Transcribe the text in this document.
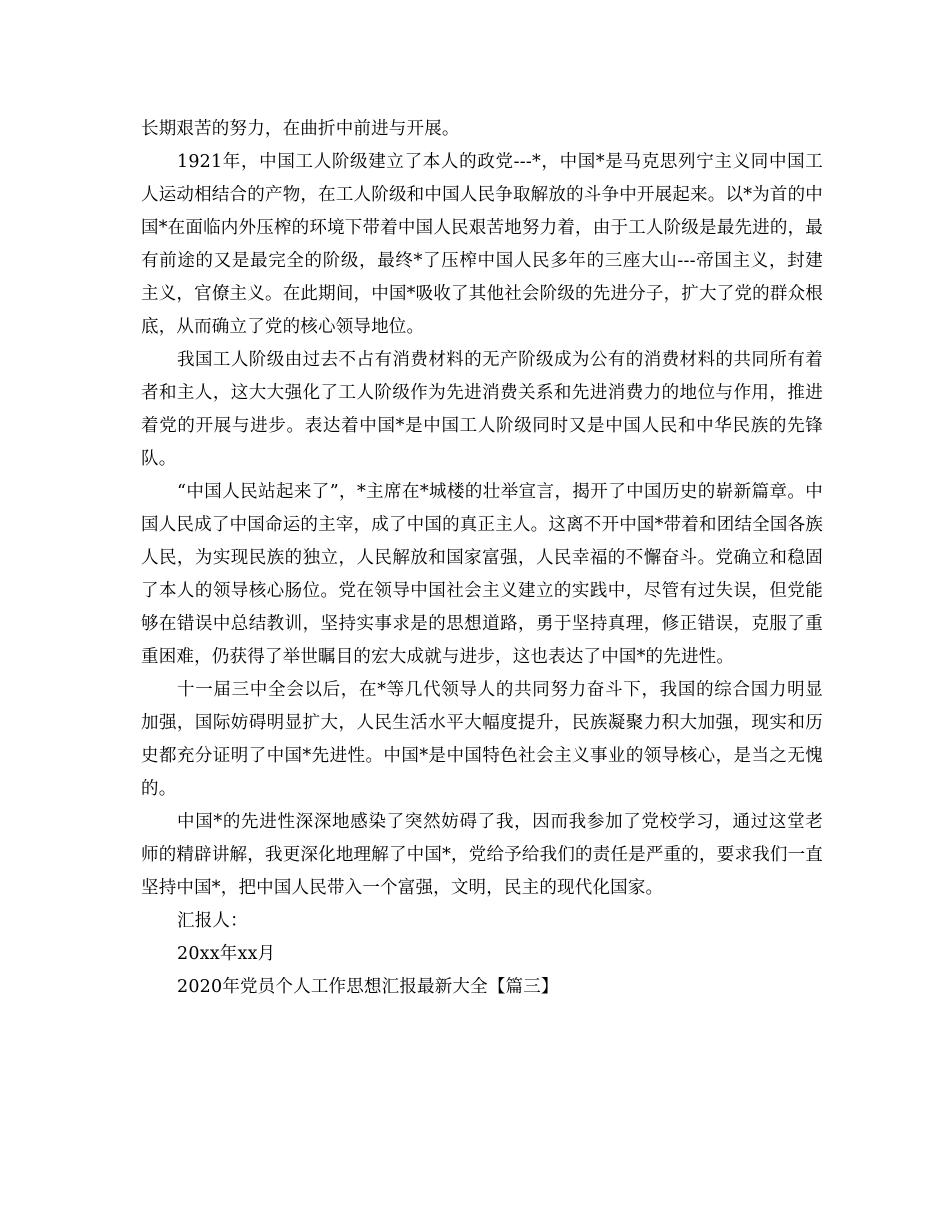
长期艰苦的努力，在曲折中前进与开展。

1921年，中国工人阶级建立了本人的政党---*，中国*是马克思列宁主义同中国工人运动相结合的产物，在工人阶级和中国人民争取解放的斗争中开展起来。以*为首的中国*在面临内外压榨的环境下带着中国人民艰苦地努力着，由于工人阶级是最先进的，最有前途的又是最完全的阶级，最终*了压榨中国人民多年的三座大山---帝国主义，封建主义，官僚主义。在此期间，中国*吸收了其他社会阶级的先进分子，扩大了党的群众根底，从而确立了党的核心领导地位。

我国工人阶级由过去不占有消费材料的无产阶级成为公有的消费材料的共同所有着者和主人，这大大强化了工人阶级作为先进消费关系和先进消费力的地位与作用，推进着党的开展与进步。表达着中国*是中国工人阶级同时又是中国人民和中华民族的先锋队。

“中国人民站起来了”，*主席在*城楼的壮举宣言，揭开了中国历史的崭新篇章。中国人民成了中国命运的主宰，成了中国的真正主人。这离不开中国*带着和团结全国各族人民，为实现民族的独立，人民解放和国家富强，人民幸福的不懈奋斗。党确立和稳固了本人的领导核心肠位。党在领导中国社会主义建立的实践中，尽管有过失误，但党能够在错误中总结教训，坚持实事求是的思想道路，勇于坚持真理，修正错误，克服了重重困难，仍获得了举世瞩目的宏大成就与进步，这也表达了中国*的先进性。

十一届三中全会以后，在*等几代领导人的共同努力奋斗下，我国的综合国力明显加强，国际妨碍明显扩大，人民生活水平大幅度提升，民族凝聚力积大加强，现实和历史都充分证明了中国*先进性。中国*是中国特色社会主义事业的领导核心，是当之无愧的。

中国*的先进性深深地感染了突然妨碍了我，因而我参加了党校学习，通过这堂老师的精辟讲解，我更深化地理解了中国*，党给予给我们的责任是严重的，要求我们一直坚持中国*，把中国人民带入一个富强，文明，民主的现代化国家。

汇报人：

20xx年xx月

2020年党员个人工作思想汇报最新大全【篇三】
